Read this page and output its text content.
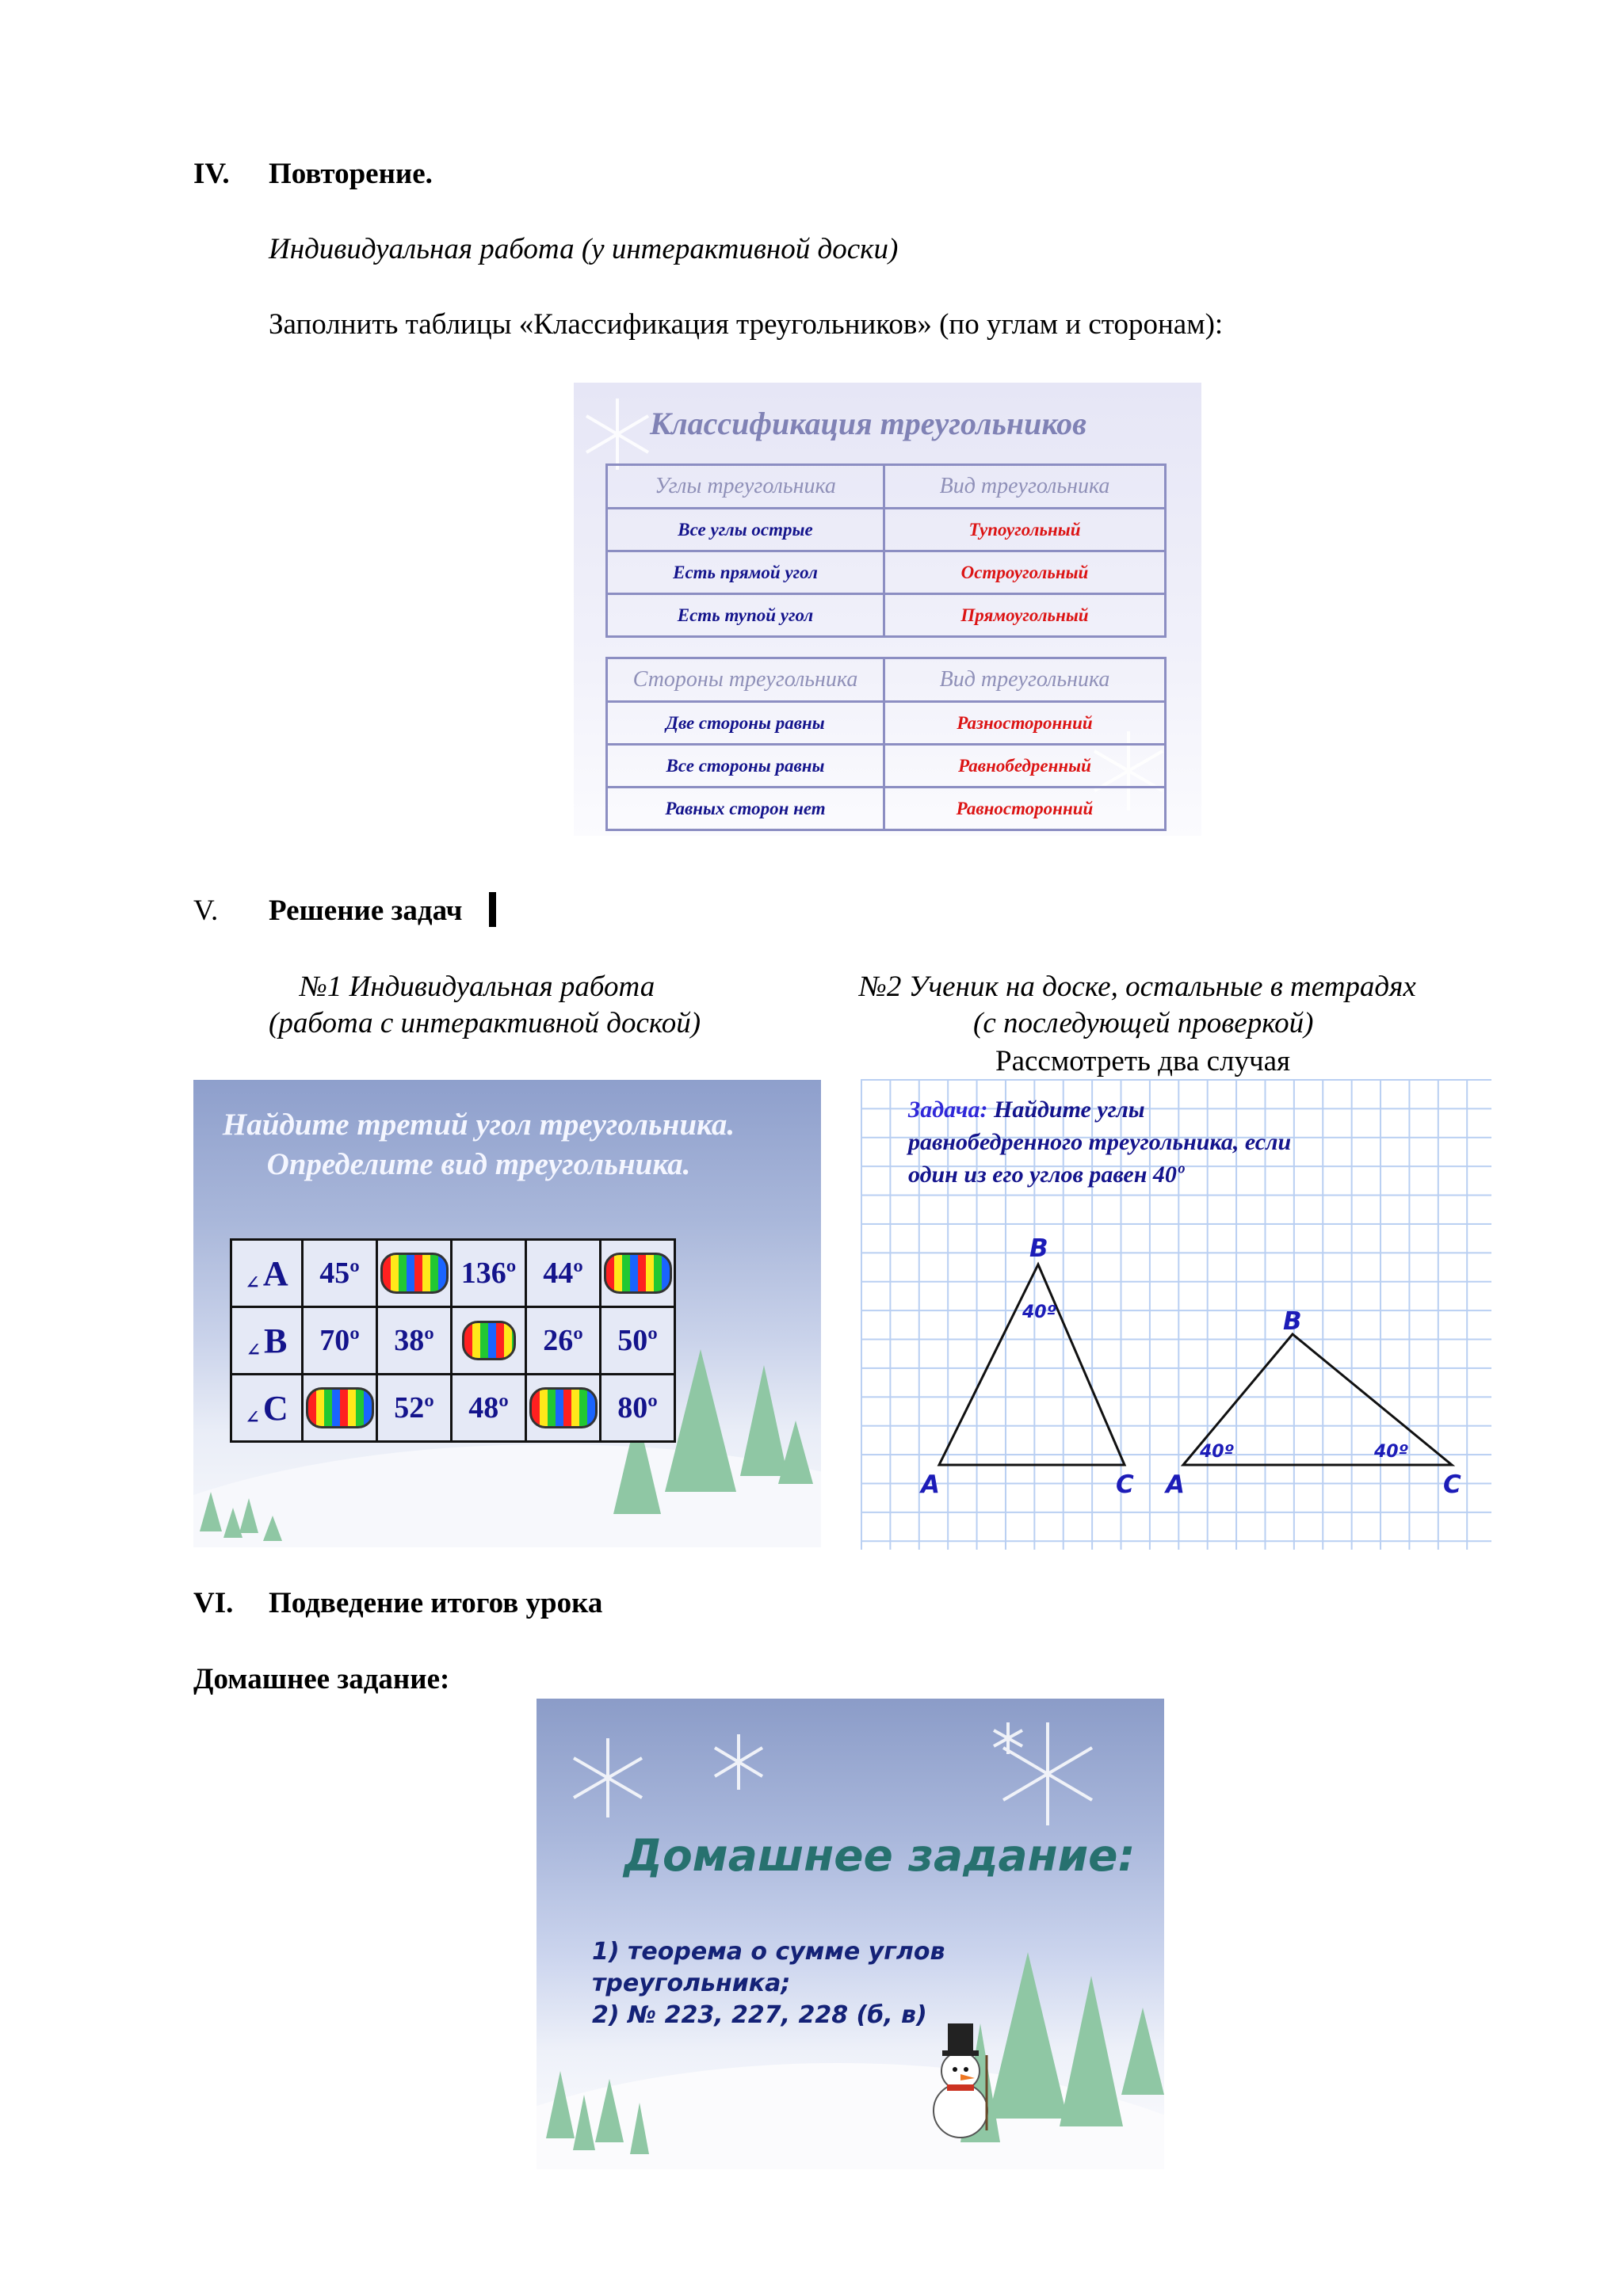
IV. Повторение.
Индивидуальная работа (у интерактивной доски)
Заполнить таблицы «Классификация треугольников» (по углам и сторонам):
Классификация треугольников
Углы треугольника	Вид треугольника
Все углы острые	Тупоугольный
Есть прямой угол	Остроугольный
Есть тупой угол	Прямоугольный
Стороны треугольника	Вид треугольника
Две стороны равны	Разносторонний
Все стороны равны	Равнобедренный
Равных сторон нет	Равносторонний
V. Решение задач
№1 Индивидуальная работа
(работа с интерактивной доской)
№2 Ученик на доске, остальные в тетрадях
(с последующей проверкой)
Рассмотреть два случая
Найдите третий угол треугольника.
Определите вид треугольника.
∠A	45º		136º	44º	
∠B	70º	38º		26º	50º
∠C		52º	48º		80º
Задача: Найдите углы
равнобедренного треугольника, если
один из его углов равен 40º
B
A	C
40º	B
A	C
40º	40º
VI. Подведение итогов урока
Домашнее задание:
Домашнее задание:
1) теорема о сумме углов
треугольника;
2) № 223, 227, 228 (б, в)
